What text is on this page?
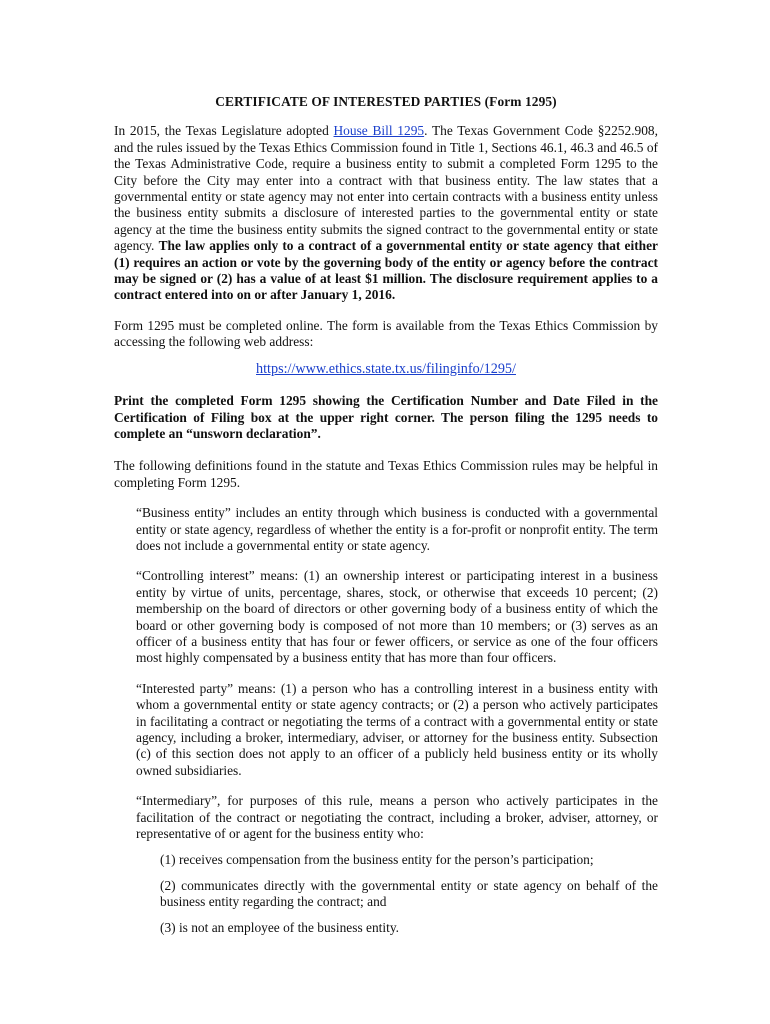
CERTIFICATE OF INTERESTED PARTIES (Form 1295)

In 2015, the Texas Legislature adopted House Bill 1295. The Texas Government Code §2252.908, and the rules issued by the Texas Ethics Commission found in Title 1, Sections 46.1, 46.3 and 46.5 of the Texas Administrative Code, require a business entity to submit a completed Form 1295 to the City before the City may enter into a contract with that business entity. The law states that a governmental entity or state agency may not enter into certain contracts with a business entity unless the business entity submits a disclosure of interested parties to the governmental entity or state agency at the time the business entity submits the signed contract to the governmental entity or state agency. The law applies only to a contract of a governmental entity or state agency that either (1) requires an action or vote by the governing body of the entity or agency before the contract may be signed or (2) has a value of at least $1 million. The disclosure requirement applies to a contract entered into on or after January 1, 2016.

Form 1295 must be completed online. The form is available from the Texas Ethics Commission by accessing the following web address:

https://www.ethics.state.tx.us/filinginfo/1295/

Print the completed Form 1295 showing the Certification Number and Date Filed in the Certification of Filing box at the upper right corner. The person filing the 1295 needs to complete an “unsworn declaration”.

The following definitions found in the statute and Texas Ethics Commission rules may be helpful in completing Form 1295.

“Business entity” includes an entity through which business is conducted with a governmental entity or state agency, regardless of whether the entity is a for-profit or nonprofit entity. The term does not include a governmental entity or state agency.

“Controlling interest” means: (1) an ownership interest or participating interest in a business entity by virtue of units, percentage, shares, stock, or otherwise that exceeds 10 percent; (2) membership on the board of directors or other governing body of a business entity of which the board or other governing body is composed of not more than 10 members; or (3) serves as an officer of a business entity that has four or fewer officers, or service as one of the four officers most highly compensated by a business entity that has more than four officers.

“Interested party” means: (1) a person who has a controlling interest in a business entity with whom a governmental entity or state agency contracts; or (2) a person who actively participates in facilitating a contract or negotiating the terms of a contract with a governmental entity or state agency, including a broker, intermediary, adviser, or attorney for the business entity. Subsection (c) of this section does not apply to an officer of a publicly held business entity or its wholly owned subsidiaries.

“Intermediary”, for purposes of this rule, means a person who actively participates in the facilitation of the contract or negotiating the contract, including a broker, adviser, attorney, or representative of or agent for the business entity who:

(1) receives compensation from the business entity for the person’s participation;

(2) communicates directly with the governmental entity or state agency on behalf of the business entity regarding the contract; and

(3) is not an employee of the business entity.
